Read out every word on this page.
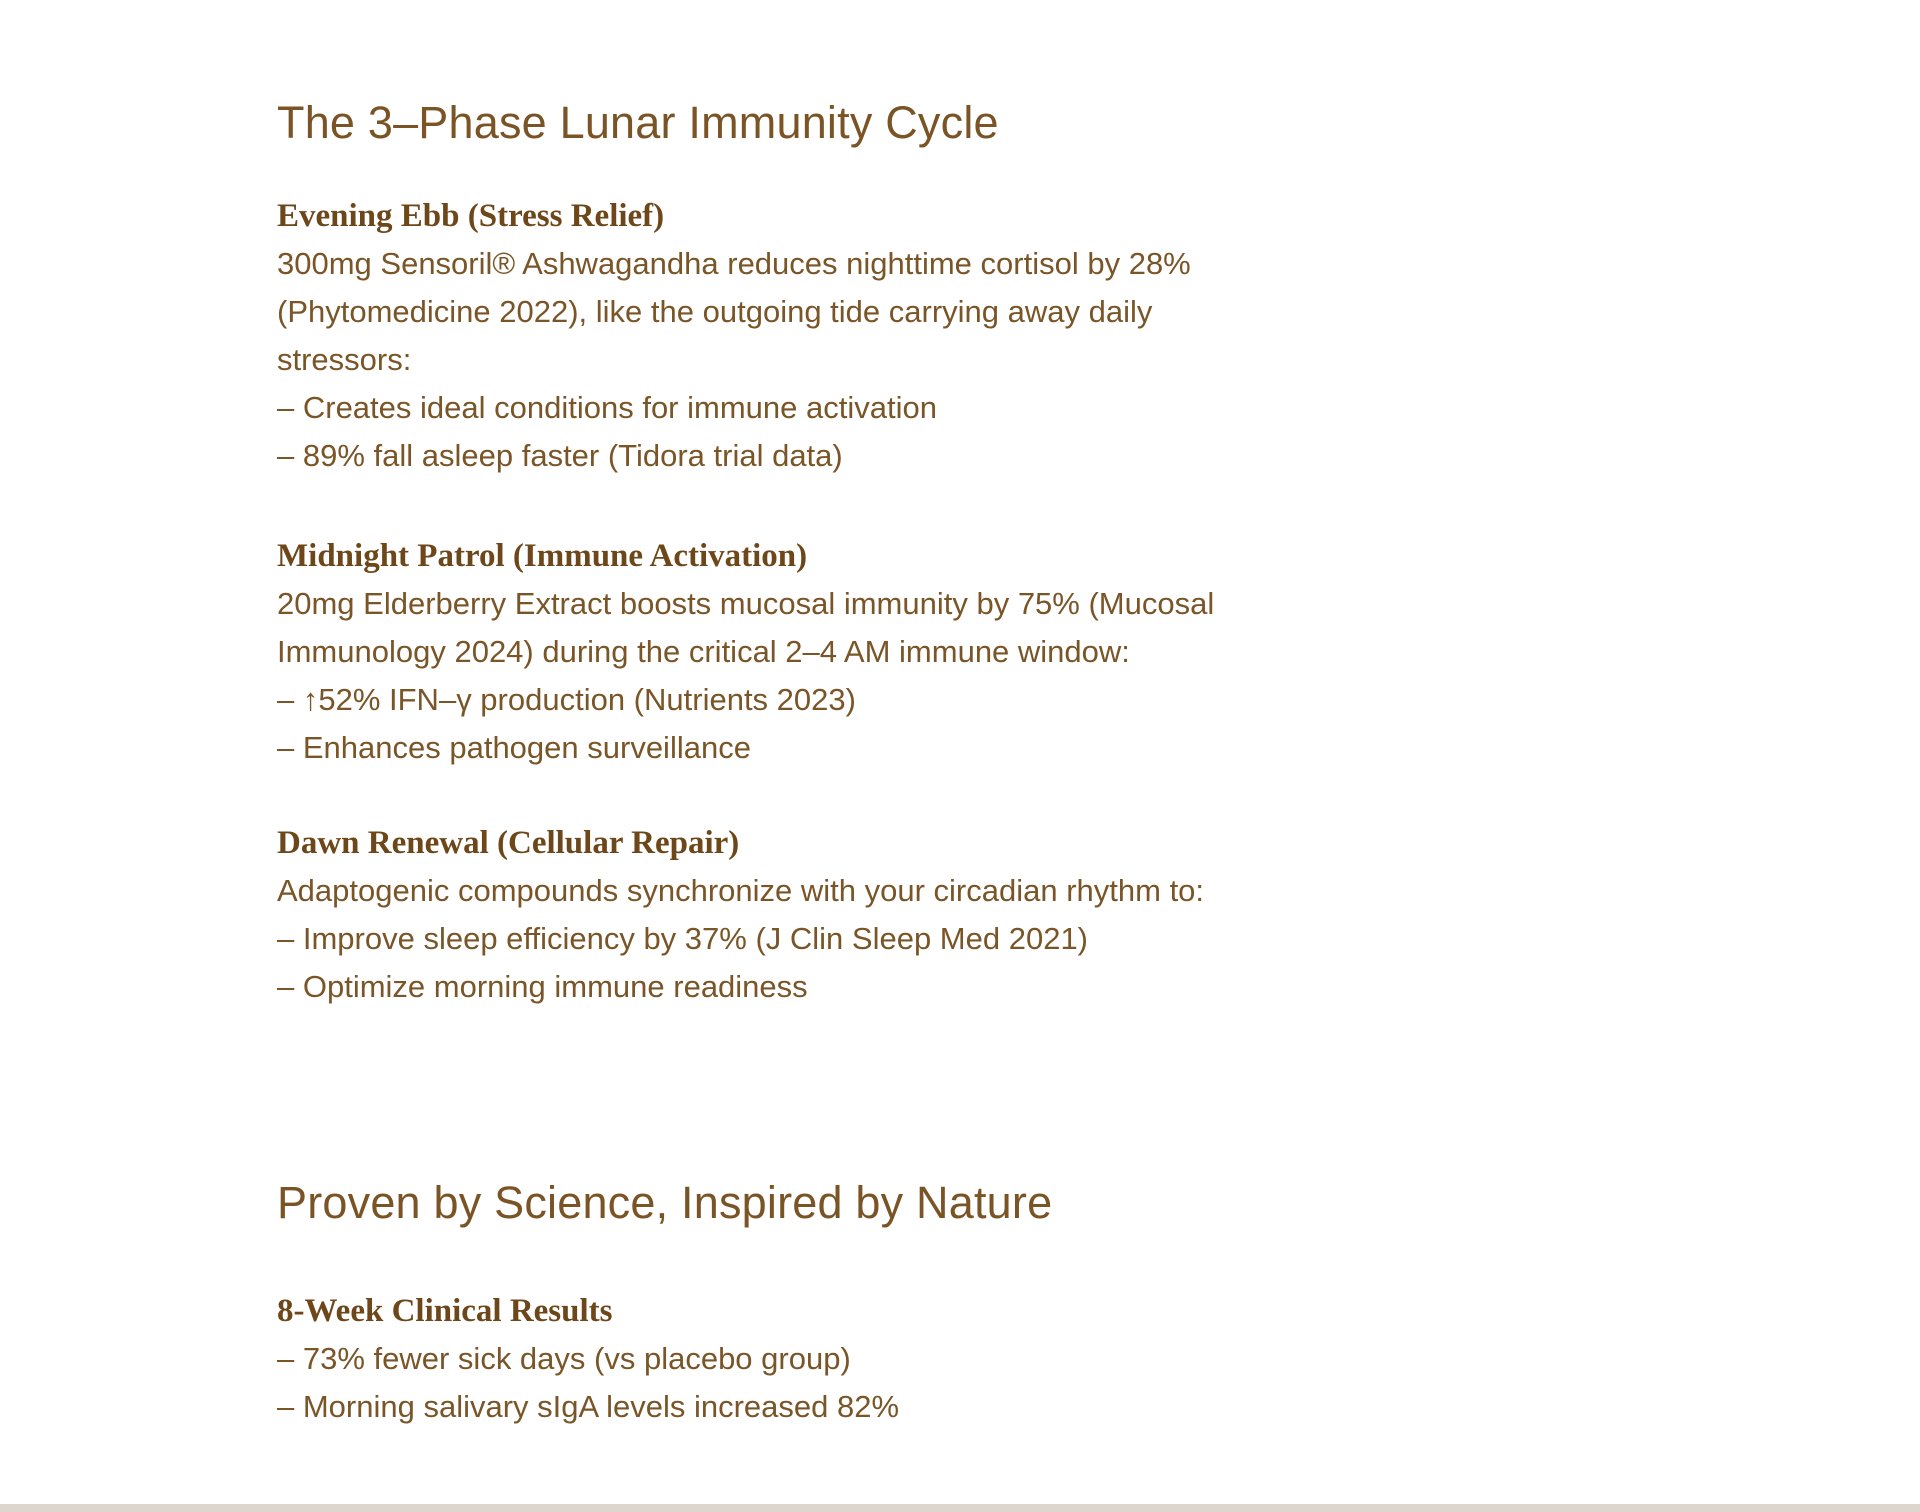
The 3–Phase Lunar Immunity Cycle
Evening Ebb (Stress Relief)

300mg Sensoril® Ashwagandha reduces nighttime cortisol by 28%

(Phytomedicine 2022), like the outgoing tide carrying away daily

stressors:

– Creates ideal conditions for immune activation

– 89% fall asleep faster (Tidora trial data)

Midnight Patrol (Immune Activation)

20mg Elderberry Extract boosts mucosal immunity by 75% (Mucosal

Immunology 2024) during the critical 2–4 AM immune window:

– ↑52% IFN–γ production (Nutrients 2023)

– Enhances pathogen surveillance

Dawn Renewal (Cellular Repair)

Adaptogenic compounds synchronize with your circadian rhythm to:

– Improve sleep efficiency by 37% (J Clin Sleep Med 2021)

– Optimize morning immune readiness

Proven by Science, Inspired by Nature
8-Week Clinical Results

– 73% fewer sick days (vs placebo group)

– Morning salivary sIgA levels increased 82%
